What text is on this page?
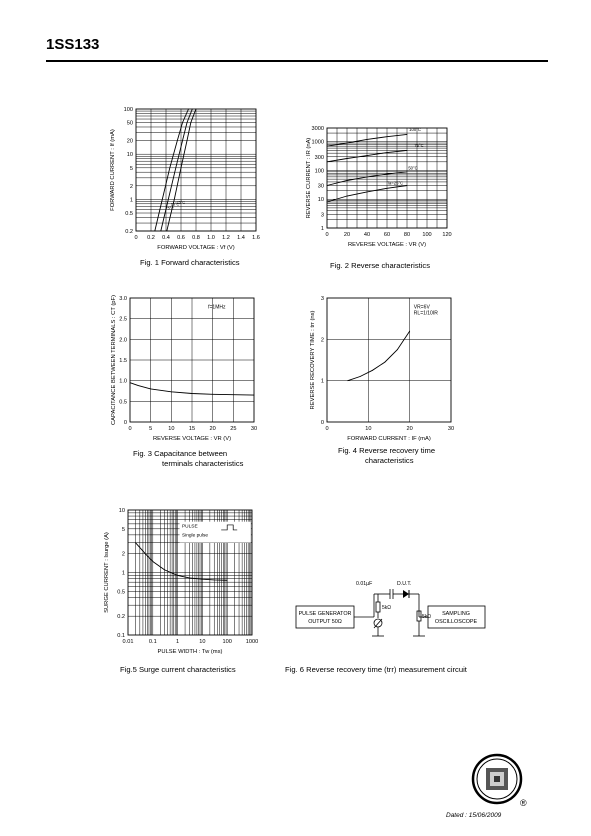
1SS133
0 0.2 0.4 0.6 0.8 1.0 1.2 1.4 1.6
100
50
20
10
5
2
1
0.5
0.2
FORWARD VOLTAGE : Vf (V)
FORWARD CURRENT : If (mA)	75°C
25°C
-25°C
Fig. 1 Forward characteristics
0	20 40 60 80 100 120
3000
1000
300
100
30
10
3
1
REVERSE VOLTAGE : VR (V)
REVERSE CURRENT : IR (nA)
100°C
75°C
50°C
Ta=25°C
Fig. 2 Reverse characteristics
0	5	10	15	20	25	30
3.0
2.5
2.0
1.5
1.0
0.5
0
REVERSE VOLTAGE : VR (V)
CAPACITANCE BETWEEN TERMINALS : CT (pF)	f=1MHz
Fig. 3 Capacitance between
terminals characteristics
0	10	20	30
3
2
1
0
FORWARD CURRENT : IF (mA)
REVERSE RECOVERY TIME : trr (ns)
VR=6V
RL=1/10IR
Fig. 4 Reverse recovery time
characteristics
0.01	0.1	1	10	100 1000
10
5
2
1
0.5
0.2
0.1
PULSE WIDTH : Tw (ms)
SURGE CURRENT : Isurge (A)
PULSE
Single pulse
Fig.5 Surge current characteristics
0.01µF	D.U.T.
5kΩ
5kΩ
PULSE GENERATOR
OUTPUT 50Ω
SAMPLING
OSCILLOSCOPE
Fig. 6 Reverse recovery time (trr) measurement circuit
®
Dated : 15/06/2009
